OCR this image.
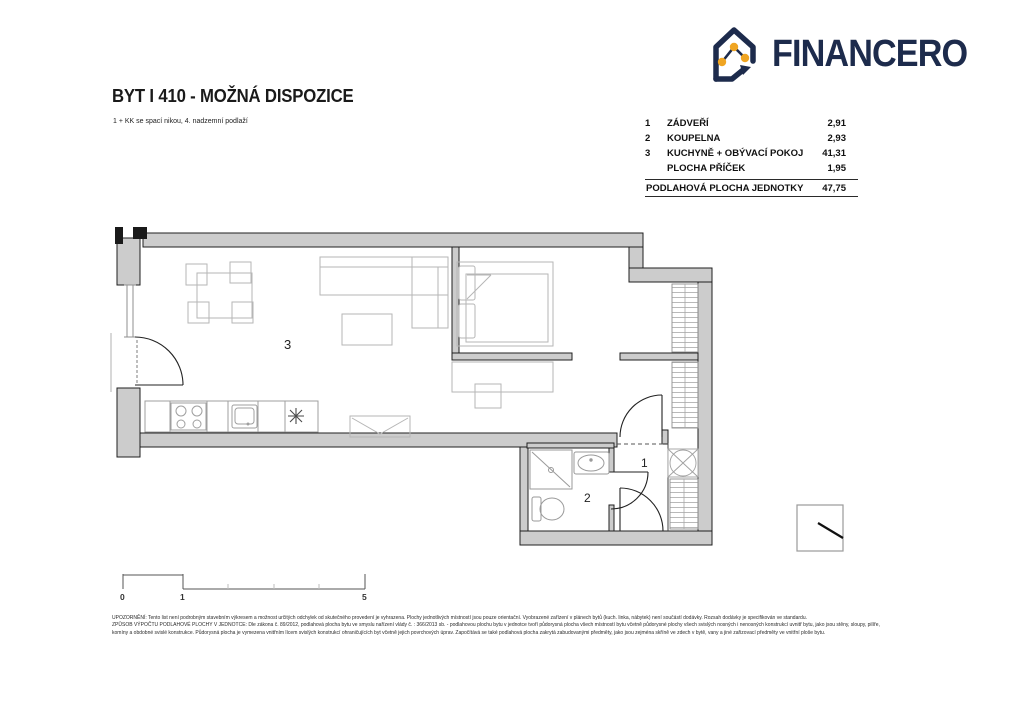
BYT I 410 - MOŽNÁ DISPOZICE
1 + KK se spací nikou, 4. nadzemní podlaží
FINANCERO
1	ZÁDVEŘÍ	2,91
2	KOUPELNA	2,93
3	KUCHYNĚ + OBÝVACÍ POKOJ	41,31
PLOCHA PŘÍČEK	1,95
PODLAHOVÁ PLOCHA JEDNOTKY	47,75
3
2
1
0	1	5
UPOZORNĚNÍ: Tento list není podrobným stavebním výkresem a možnost určitých odchylek od skutečného provedení je vyhrazena. Plochy jednotlivých místností jsou pouze orientační. Vyobrazené zařízení v plánech bytů (kuch. linka, nábytek) není součástí dodávky. Rozsah dodávky je specifikován ve standardu.
ZPŮSOB VÝPOČTU PODLAHOVÉ PLOCHY V JEDNOTCE: Dle zákona č. 89/2012, podlahová plocha bytu ve smyslu nařízení vlády č. : 366/2013 sb. - podlahovou plochu bytu v jednotce tvoří půdorysná plocha všech místností bytu včetně půdorysné plochy všech svislých nosných i nenosných konstrukcí uvnitř bytu, jako jsou stěny, sloupy, pilíře,
komíny a obdobné svislé konstrukce. Půdorysná plocha je vymezena vnitřním lícem svislých konstrukcí ohraničujících byt včetně jejich povrchových úprav. Započítává se také podlahová plocha zakrytá zabudovanými předměty, jako jsou zejména skříně ve zdech v bytě, vany a jiné zařizovací předměty ve vnitřní ploše bytu.
